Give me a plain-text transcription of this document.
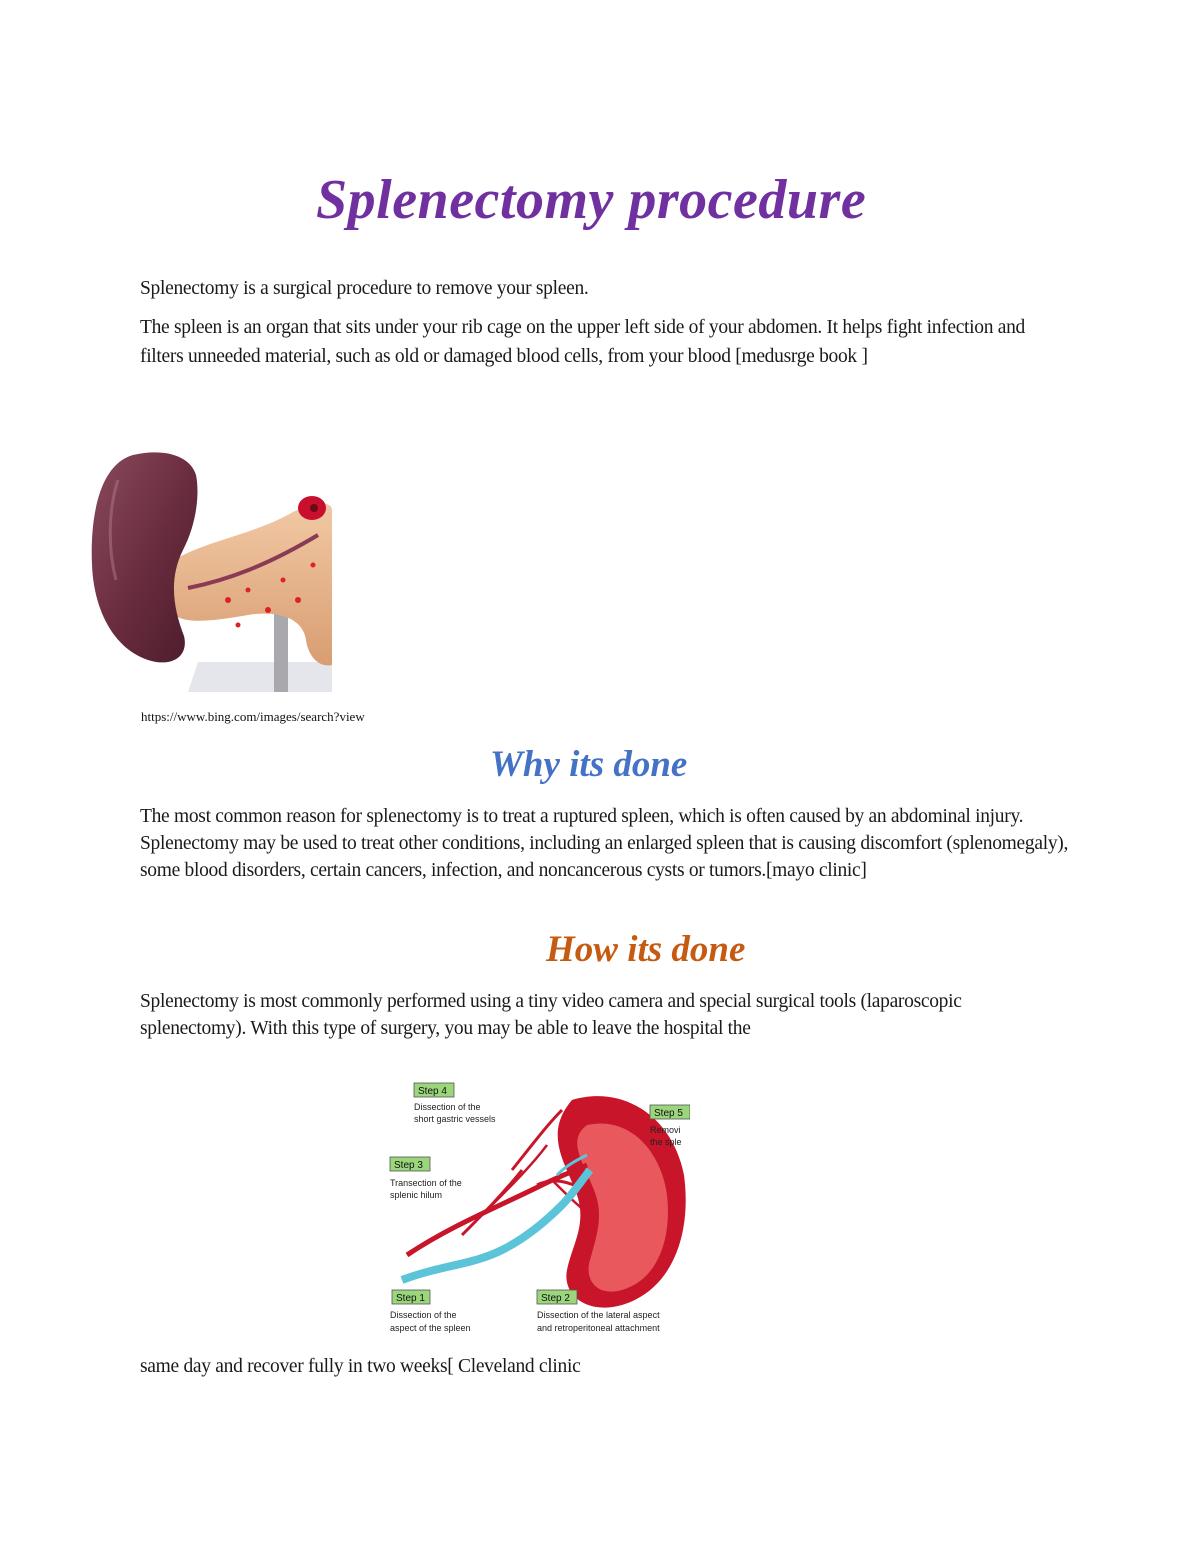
Splenectomy procedure

Splenectomy is a surgical procedure to remove your spleen.

The spleen is an organ that sits under your rib cage on the upper left side of your abdomen. It helps fight infection and filters unneeded material, such as old or damaged blood cells, from your blood [medusrge book ]

https://www.bing.com/images/search?view
Why its done

The most common reason for splenectomy is to treat a ruptured spleen, which is often caused by an abdominal injury. Splenectomy may be used to treat other conditions, including an enlarged spleen that is causing discomfort (splenomegaly), some blood disorders, certain cancers, infection, and noncancerous cysts or tumors.[mayo clinic]

How its done

Splenectomy is most commonly performed using a tiny video camera and special surgical tools (laparoscopic splenectomy). With this type of surgery, you may be able to leave the hospital the

Step 4
Dissection of the
short gastric vessels	Step 5
Removi
the sple
Step 3
Transection of the
splenic hilum
Step 1
Dissection of the
aspect of the spleen
Step 2
Dissection of the lateral aspect
and retroperitoneal attachment

same day and recover fully in two weeks[ Cleveland clinic
